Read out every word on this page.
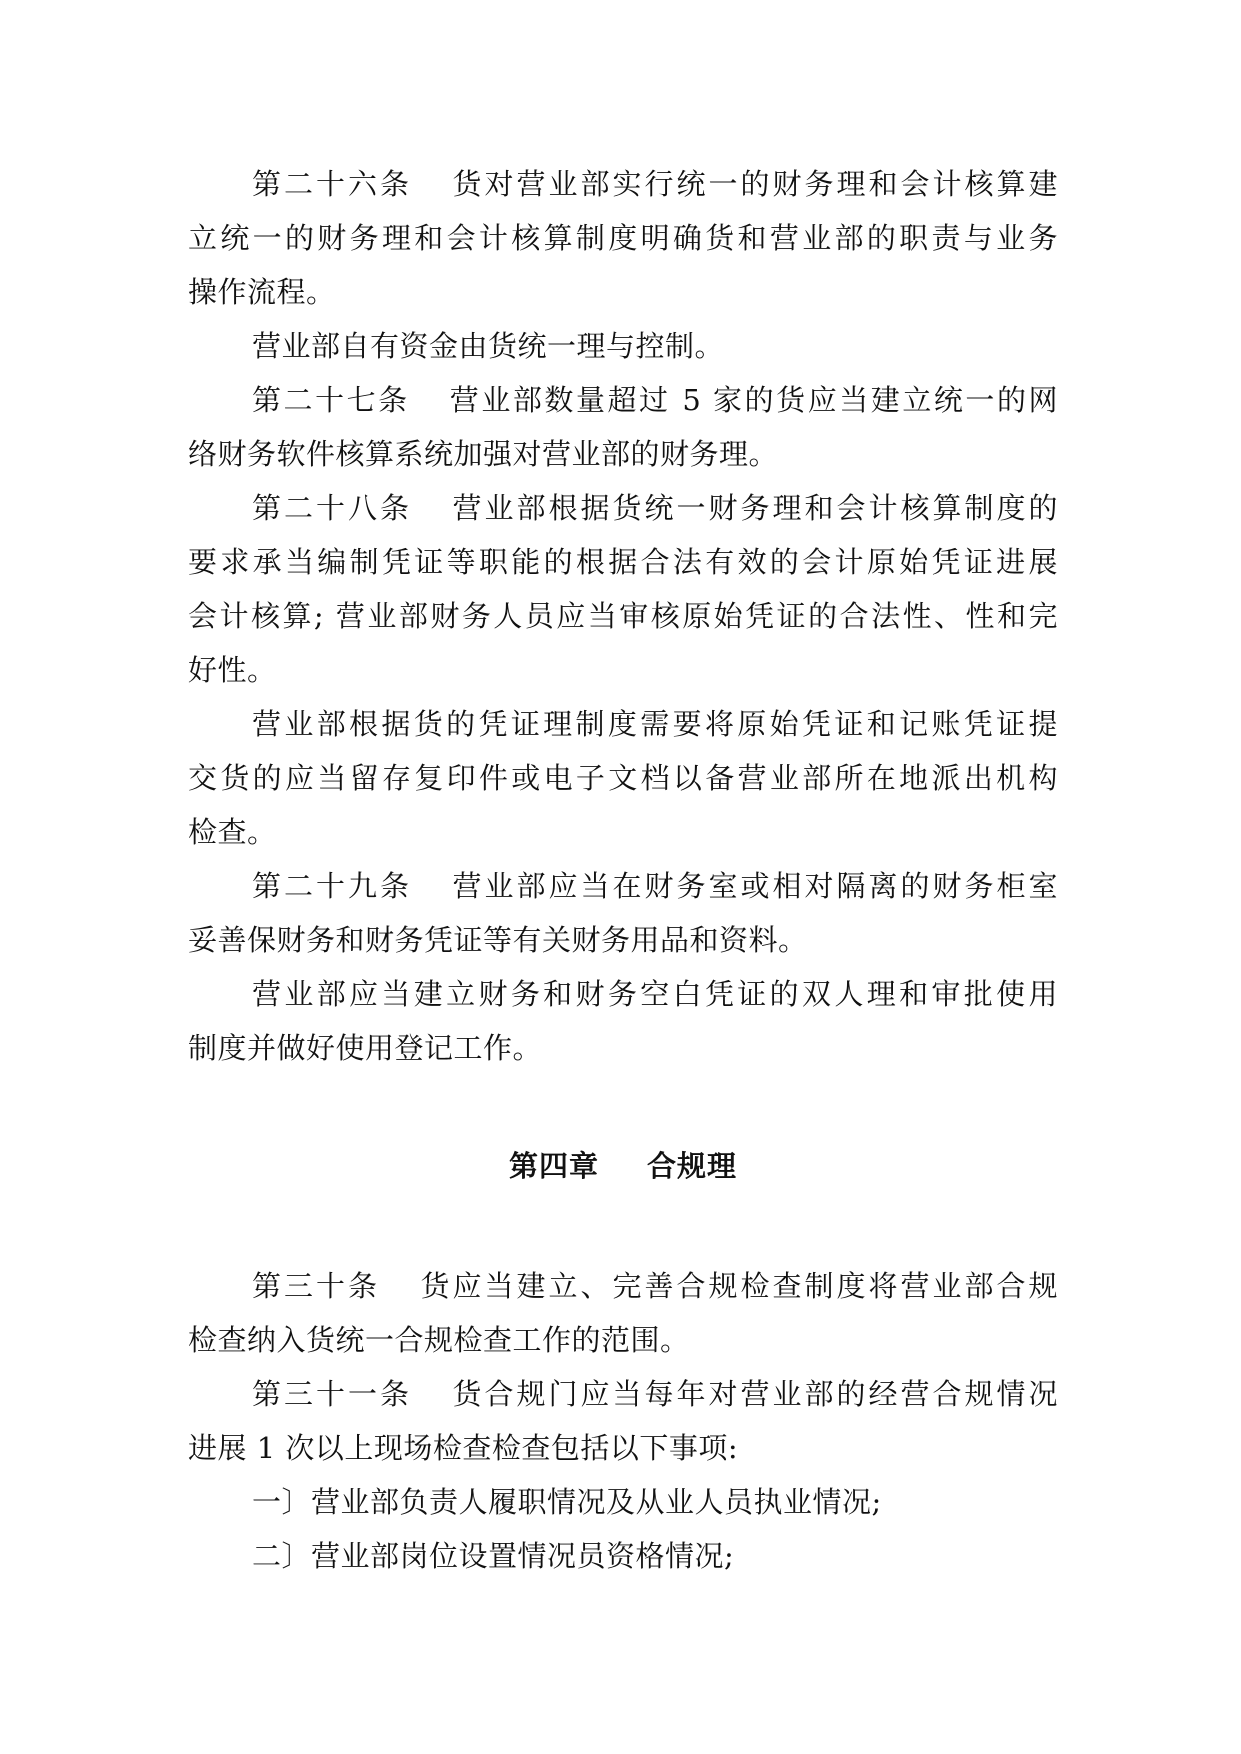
第二十六条 货对营业部实行统一的财务理和会计核算建
立统一的财务理和会计核算制度明确货和营业部的职责与业务
操作流程。
营业部自有资金由货统一理与控制。
第二十七条 营业部数量超过 5 家的货应当建立统一的网
络财务软件核算系统加强对营业部的财务理。
第二十八条 营业部根据货统一财务理和会计核算制度的
要求承当编制凭证等职能的根据合法有效的会计原始凭证进展
会计核算; 营业部财务人员应当审核原始凭证的合法性、性和完
好性。
营业部根据货的凭证理制度需要将原始凭证和记账凭证提
交货的应当留存复印件或电子文档以备营业部所在地派出机构
检查。
第二十九条 营业部应当在财务室或相对隔离的财务柜室
妥善保财务和财务凭证等有关财务用品和资料。
营业部应当建立财务和财务空白凭证的双人理和审批使用
制度并做好使用登记工作。
第四章 合规理
第三十条 货应当建立、完善合规检查制度将营业部合规
检查纳入货统一合规检查工作的范围。
第三十一条 货合规门应当每年对营业部的经营合规情况
进展 1 次以上现场检查检查包括以下事项:
一〕营业部负责人履职情况及从业人员执业情况;
二〕营业部岗位设置情况员资格情况;
